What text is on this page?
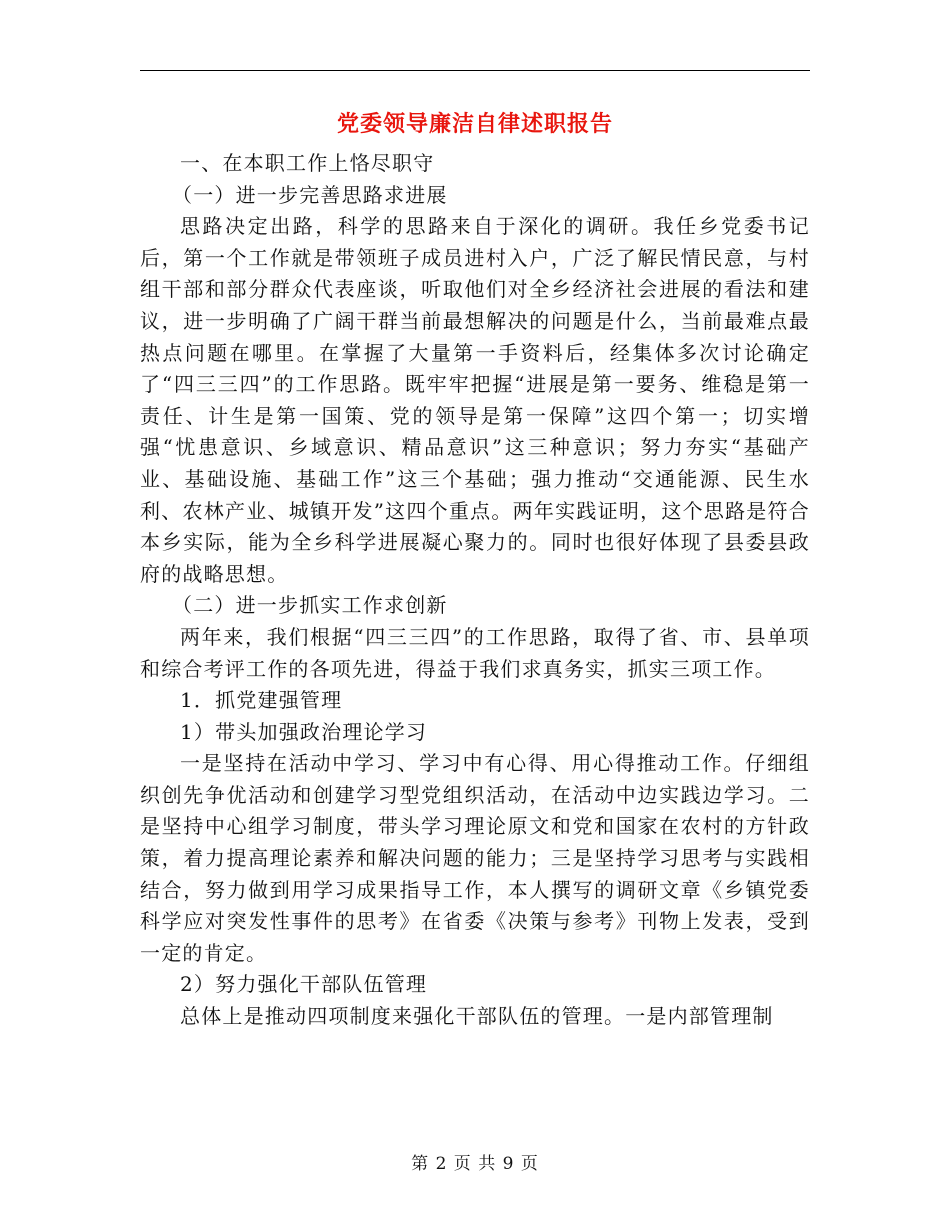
党委领导廉洁自律述职报告

一、在本职工作上恪尽职守

（一）进一步完善思路求进展

思路决定出路，科学的思路来自于深化的调研。我任乡党委书记后，第一个工作就是带领班子成员进村入户，广泛了解民情民意，与村组干部和部分群众代表座谈，听取他们对全乡经济社会进展的看法和建议，进一步明确了广阔干群当前最想解决的问题是什么，当前最难点最热点问题在哪里。在掌握了大量第一手资料后，经集体多次讨论确定了“四三三四”的工作思路。既牢牢把握“进展是第一要务、维稳是第一责任、计生是第一国策、党的领导是第一保障”这四个第一；切实增强“忧患意识、乡域意识、精品意识”这三种意识；努力夯实“基础产业、基础设施、基础工作”这三个基础；强力推动“交通能源、民生水利、农林产业、城镇开发”这四个重点。两年实践证明，这个思路是符合本乡实际，能为全乡科学进展凝心聚力的。同时也很好体现了县委县政府的战略思想。

（二）进一步抓实工作求创新

两年来，我们根据“四三三四”的工作思路，取得了省、市、县单项和综合考评工作的各项先进，得益于我们求真务实，抓实三项工作。

1．抓党建强管理

1）带头加强政治理论学习

一是坚持在活动中学习、学习中有心得、用心得推动工作。仔细组织创先争优活动和创建学习型党组织活动，在活动中边实践边学习。二是坚持中心组学习制度，带头学习理论原文和党和国家在农村的方针政策，着力提高理论素养和解决问题的能力；三是坚持学习思考与实践相结合，努力做到用学习成果指导工作，本人撰写的调研文章《乡镇党委科学应对突发性事件的思考》在省委《决策与参考》刊物上发表，受到一定的肯定。

2）努力强化干部队伍管理

总体上是推动四项制度来强化干部队伍的管理。一是内部管理制

第 2 页 共 9 页
